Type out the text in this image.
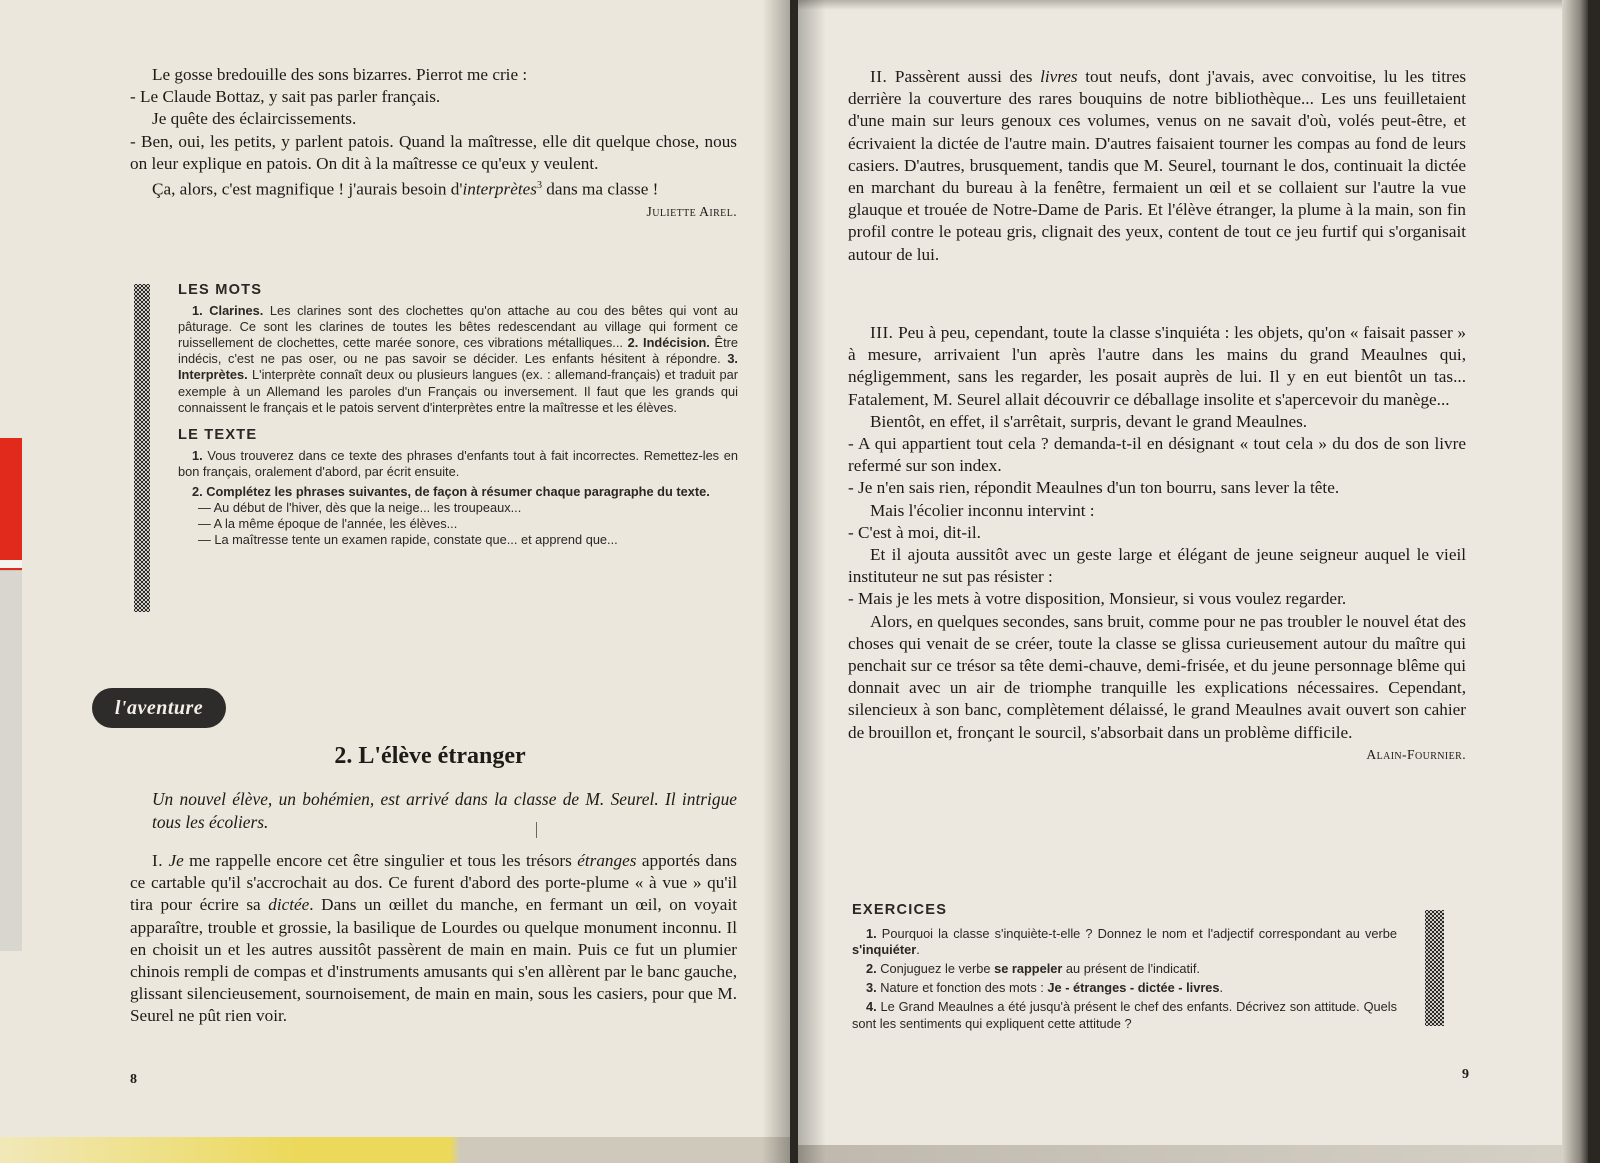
Le gosse bredouille des sons bizarres. Pierrot me crie :

- Le Claude Bottaz, y sait pas parler français.

Je quête des éclaircissements.

- Ben, oui, les petits, y parlent patois. Quand la maîtresse, elle dit quelque chose, nous on leur explique en patois. On dit à la maîtresse ce qu'eux y veulent.

Ça, alors, c'est magnifique ! j'aurais besoin d'interprètes$^3$ dans ma classe !

Juliette Airel.

LES MOTS

1. Clarines. Les clarines sont des clochettes qu'on attache au cou des bêtes qui vont au pâturage. Ce sont les clarines de toutes les bêtes redescendant au village qui forment ce ruissellement de clochettes, cette marée sonore, ces vibrations métalliques... 2. Indécision. Être indécis, c'est ne pas oser, ou ne pas savoir se décider. Les enfants hésitent à répondre. 3. Interprètes. L'interprète connaît deux ou plusieurs langues (ex. : allemand-français) et traduit par exemple à un Allemand les paroles d'un Français ou inversement. Il faut que les grands qui connaissent le français et le patois servent d'interprètes entre la maîtresse et les élèves.

LE TEXTE

1. Vous trouverez dans ce texte des phrases d'enfants tout à fait incorrectes. Remettez-les en bon français, oralement d'abord, par écrit ensuite.

2. Complétez les phrases suivantes, de façon à résumer chaque paragraphe du texte.

— Au début de l'hiver, dès que la neige... les troupeaux...
— A la même époque de l'année, les élèves...
— La maîtresse tente un examen rapide, constate que... et apprend que...
l'aventure
2. L'élève étranger
Un nouvel élève, un bohémien, est arrivé dans la classe de M. Seurel. Il intrigue tous les écoliers.

I. Je me rappelle encore cet être singulier et tous les trésors étranges apportés dans ce cartable qu'il s'accrochait au dos. Ce furent d'abord des porte-plume « à vue » qu'il tira pour écrire sa dictée. Dans un œillet du manche, en fermant un œil, on voyait apparaître, trouble et grossie, la basilique de Lourdes ou quelque monument inconnu. Il en choisit un et les autres aussitôt passèrent de main en main. Puis ce fut un plumier chinois rempli de compas et d'instruments amusants qui s'en allèrent par le banc gauche, glissant silencieusement, sournoisement, de main en main, sous les casiers, pour que M. Seurel ne pût rien voir.

8

II. Passèrent aussi des livres tout neufs, dont j'avais, avec convoitise, lu les titres derrière la couverture des rares bouquins de notre bibliothèque... Les uns feuilletaient d'une main sur leurs genoux ces volumes, venus on ne savait d'où, volés peut-être, et écrivaient la dictée de l'autre main. D'autres faisaient tourner les compas au fond de leurs casiers. D'autres, brusquement, tandis que M. Seurel, tournant le dos, continuait la dictée en marchant du bureau à la fenêtre, fermaient un œil et se collaient sur l'autre la vue glauque et trouée de Notre-Dame de Paris. Et l'élève étranger, la plume à la main, son fin profil contre le poteau gris, clignait des yeux, content de tout ce jeu furtif qui s'organisait autour de lui.

III. Peu à peu, cependant, toute la classe s'inquiéta : les objets, qu'on « faisait passer » à mesure, arrivaient l'un après l'autre dans les mains du grand Meaulnes qui, négligemment, sans les regarder, les posait auprès de lui. Il y en eut bientôt un tas... Fatalement, M. Seurel allait découvrir ce déballage insolite et s'apercevoir du manège...

Bientôt, en effet, il s'arrêtait, surpris, devant le grand Meaulnes.

- A qui appartient tout cela ? demanda-t-il en désignant « tout cela » du dos de son livre refermé sur son index.

- Je n'en sais rien, répondit Meaulnes d'un ton bourru, sans lever la tête.

Mais l'écolier inconnu intervint :

- C'est à moi, dit-il.

Et il ajouta aussitôt avec un geste large et élégant de jeune seigneur auquel le vieil instituteur ne sut pas résister :

- Mais je les mets à votre disposition, Monsieur, si vous voulez regarder.

Alors, en quelques secondes, sans bruit, comme pour ne pas troubler le nouvel état des choses qui venait de se créer, toute la classe se glissa curieusement autour du maître qui penchait sur ce trésor sa tête demi-chauve, demi-frisée, et du jeune personnage blême qui donnait avec un air de triomphe tranquille les explications nécessaires. Cependant, silencieux à son banc, complètement délaissé, le grand Meaulnes avait ouvert son cahier de brouillon et, fronçant le sourcil, s'absorbait dans un problème difficile.

Alain-Fournier.

EXERCICES

1. Pourquoi la classe s'inquiète-t-elle ? Donnez le nom et l'adjectif correspondant au verbe s'inquiéter.

2. Conjuguez le verbe se rappeler au présent de l'indicatif.

3. Nature et fonction des mots : Je - étranges - dictée - livres.

4. Le Grand Meaulnes a été jusqu'à présent le chef des enfants. Décrivez son attitude. Quels sont les sentiments qui expliquent cette attitude ?

9
